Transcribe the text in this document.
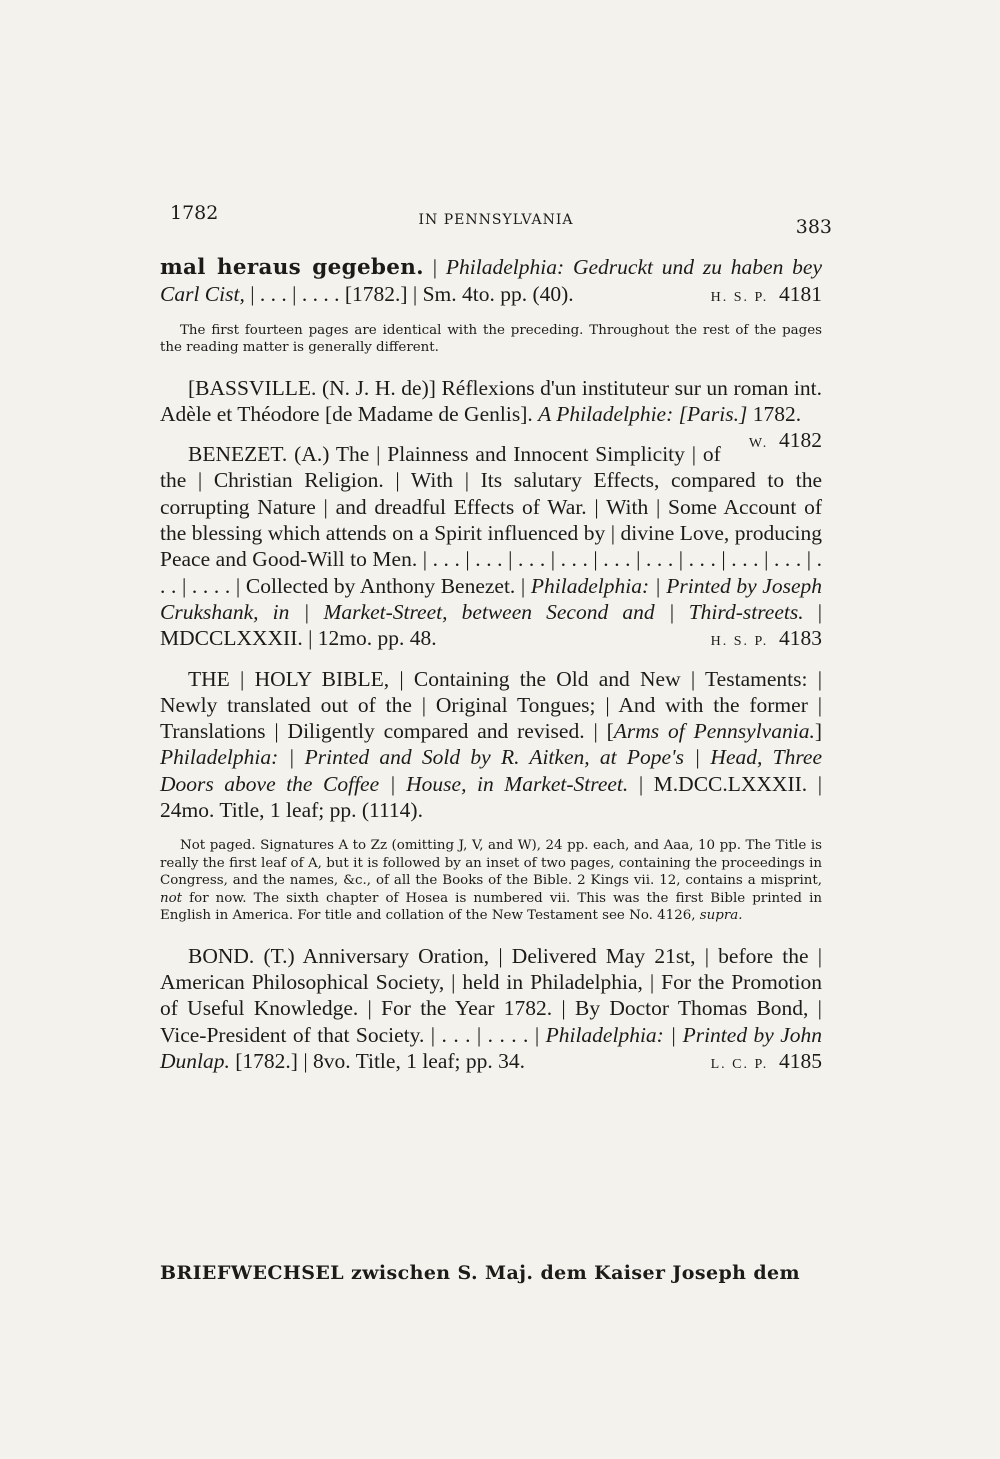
1782	IN PENNSYLVANIA	383

mal heraus gegeben. | Philadelphia: Gedruckt und zu haben bey Carl Cist, | . . . | . . . . [1782.] | Sm. 4to. pp. (40).	H. S. P. 4181

The first fourteen pages are identical with the preceding. Throughout the rest of the pages the reading matter is generally different.

[BASSVILLE. (N. J. H. de)] Réflexions d'un instituteur sur un roman int. Adèle et Théodore [de Madame de Genlis]. A Philadelphie: [Paris.] 1782.
W. 4182

BENEZET. (A.) The | Plainness and Innocent Simplicity | of the | Christian Religion. | With | Its salutary Effects, compared to the corrupting Nature | and dreadful Effects of War. | With | Some Account of the blessing which attends on a Spirit influenced by | divine Love, producing Peace and Good-Will to Men. | . . . | . . . | . . . | . . . | . . . | . . . | . . . | . . . | . . . | . . . | . . . . | Collected by Anthony Benezet. | Philadelphia: | Printed by Joseph Crukshank, in | Market-Street, between Second and | Third-streets. | MDCCLXXXII. | 12mo. pp. 48.	H. S. P. 4183

THE | HOLY BIBLE, | Containing the Old and New | Testaments: | Newly translated out of the | Original Tongues; | And with the former | Translations | Diligently compared and revised. | [Arms of Pennsylvania.] Philadelphia: | Printed and Sold by R. Aitken, at Pope's | Head, Three Doors above the Coffee | House, in Market-Street. | M.DCC.LXXXII. | 24mo. Title, 1 leaf; pp. (1114).

Not paged. Signatures A to Zz (omitting J, V, and W), 24 pp. each, and Aaa, 10 pp. The Title is really the first leaf of A, but it is followed by an inset of two pages, containing the proceedings in Congress, and the names, &c., of all the Books of the Bible. 2 Kings vii. 12, contains a misprint, not for now. The sixth chapter of Hosea is numbered vii. This was the first Bible printed in English in America. For title and collation of the New Testament see No. 4126, supra.

BOND. (T.) Anniversary Oration, | Delivered May 21st, | before the | American Philosophical Society, | held in Philadelphia, | For the Promotion of Useful Knowledge. | For the Year 1782. | By Doctor Thomas Bond, | Vice-President of that Society. | . . . | . . . . | Philadelphia: | Printed by John Dunlap. [1782.] | 8vo. Title, 1 leaf; pp. 34.	L. C. P. 4185

BRIEFWECHSEL zwischen S. Maj. dem Kaiser Joseph dem
